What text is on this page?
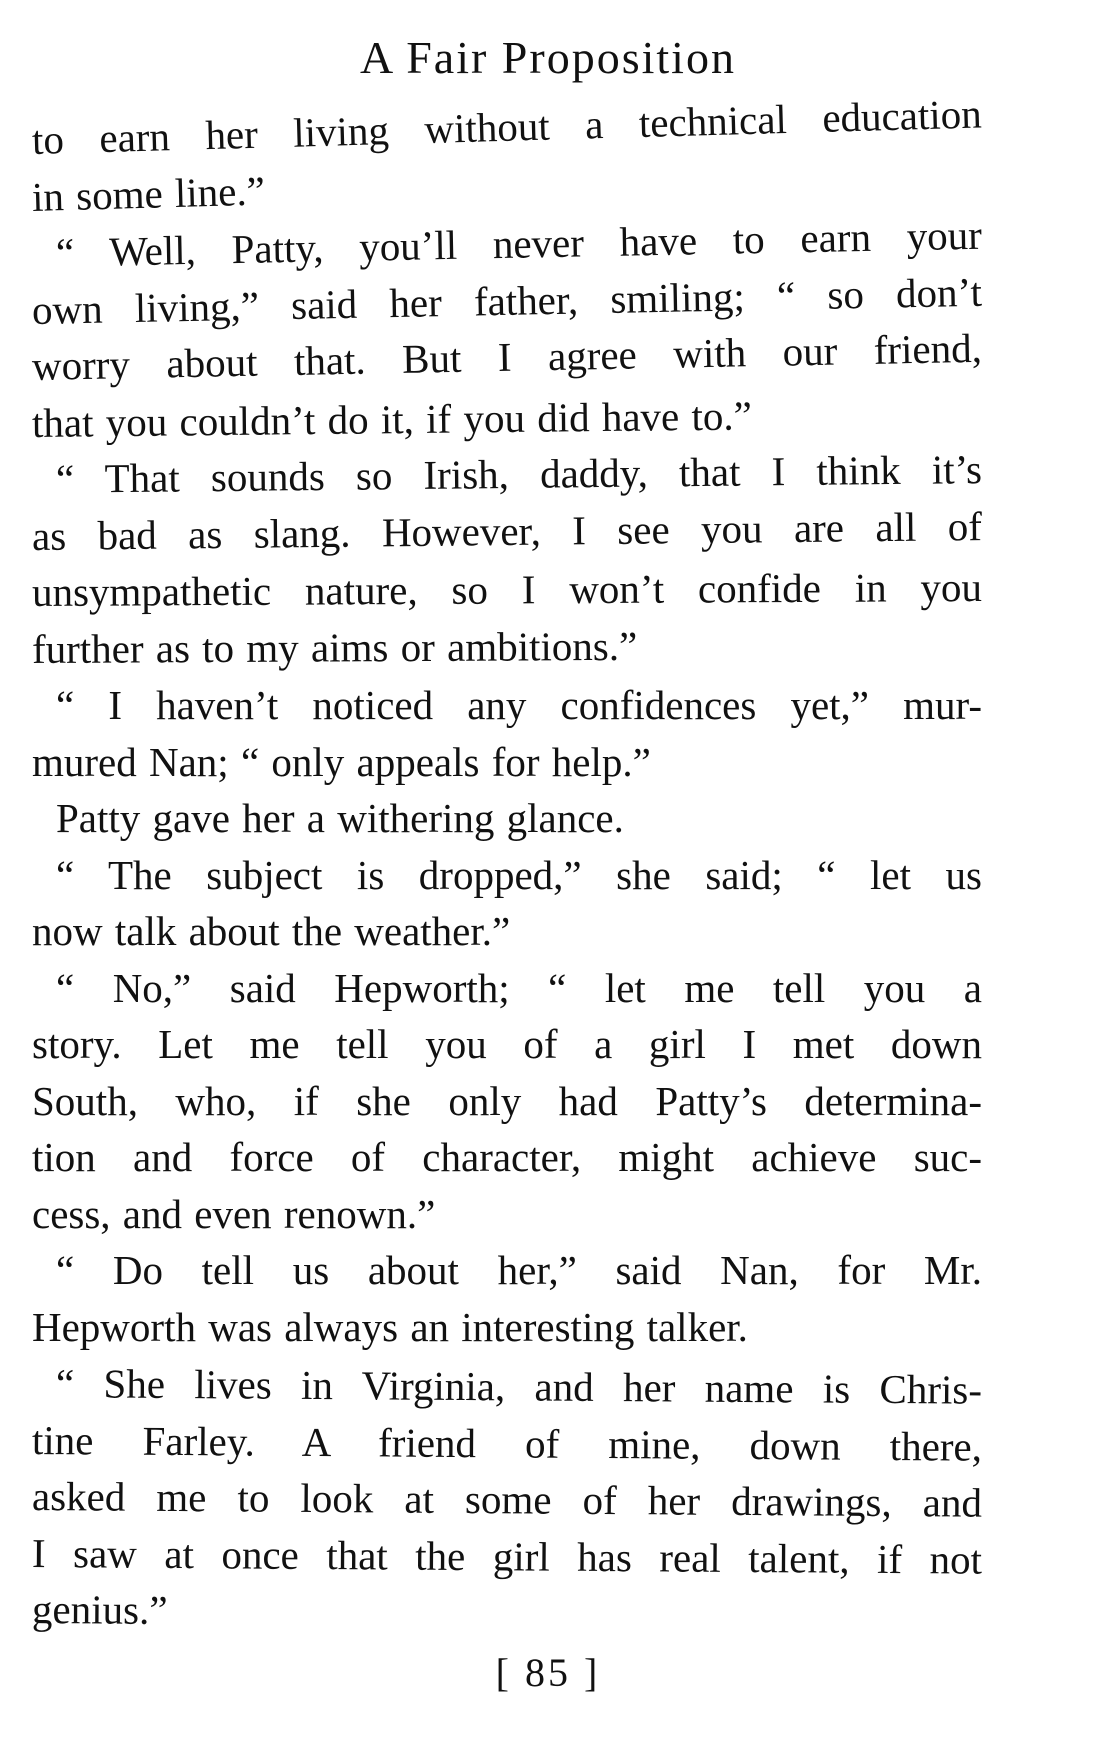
A Fair Proposition
to earn her living without a technical education
in some line.”
“ Well, Patty, you’ll never have to earn your
own living,” said her father, smiling; “ so don’t
worry about that. But I agree with our friend,
that you couldn’t do it, if you did have to.”
“ That sounds so Irish, daddy, that I think it’s
as bad as slang. However, I see you are all of
unsympathetic nature, so I won’t confide in you
further as to my aims or ambitions.”
“ I haven’t noticed any confidences yet,” mur-
mured Nan; “ only appeals for help.”
Patty gave her a withering glance.
“ The subject is dropped,” she said; “ let us
now talk about the weather.”
“ No,” said Hepworth; “ let me tell you a
story. Let me tell you of a girl I met down
South, who, if she only had Patty’s determina-
tion and force of character, might achieve suc-
cess, and even renown.”
“ Do tell us about her,” said Nan, for Mr.
Hepworth was always an interesting talker.
“ She lives in Virginia, and her name is Chris-
tine Farley. A friend of mine, down there,
asked me to look at some of her drawings, and
I saw at once that the girl has real talent, if not
genius.”
[ 85 ]
